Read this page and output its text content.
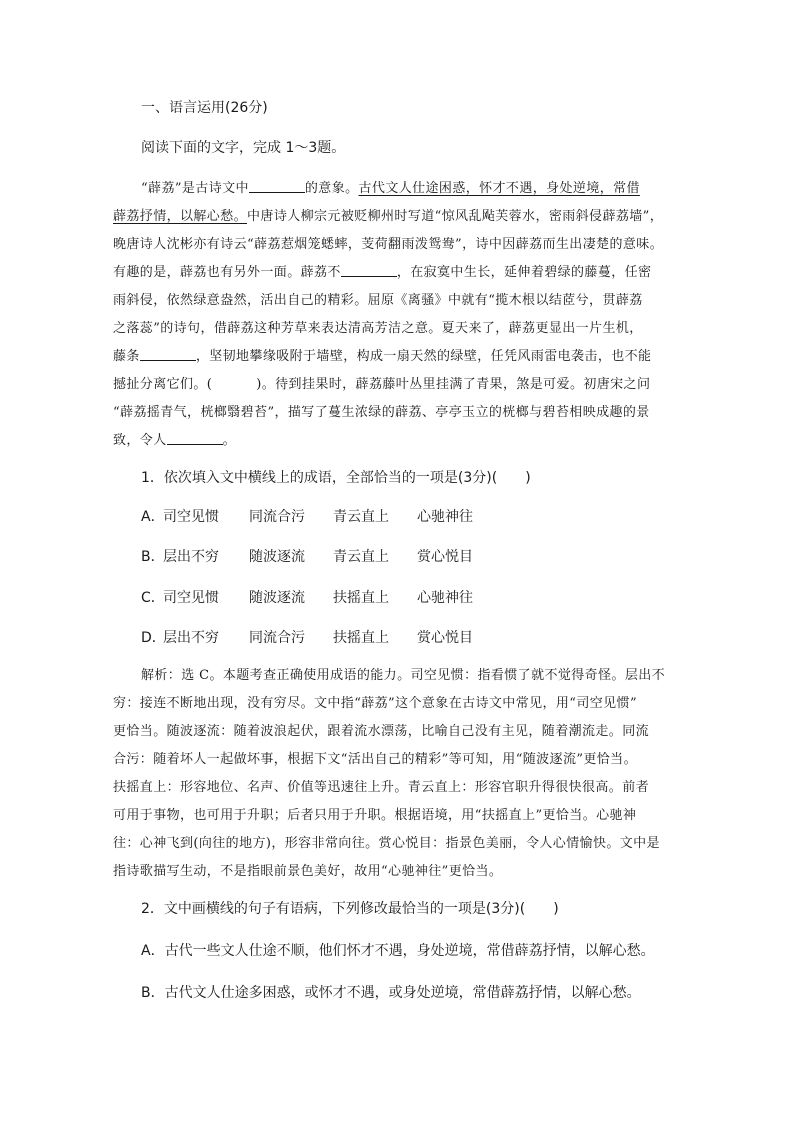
一、语言运用(26分)
阅读下面的文字，完成 1～3题。
“薜荔”是古诗文中	的意象。古代文人仕途困惑，怀才不遇，身处逆境，常借
薜荔抒情，以解心愁。中唐诗人柳宗元被贬柳州时写道“惊风乱飐芙蓉水，密雨斜侵薜荔墙”，
晚唐诗人沈彬亦有诗云“薜荔惹烟笼蟋蟀，芰荷翻雨泼鸳鸯”，诗中因薜荔而生出凄楚的意味。
有趣的是，薜荔也有另外一面。薜荔不	，在寂寞中生长，延伸着碧绿的藤蔓，任密
雨斜侵，依然绿意盎然，活出自己的精彩。屈原《离骚》中就有“揽木根以结茝兮，贯薜荔
之落蕊”的诗句，借薜荔这种芳草来表达清高芳洁之意。夏天来了，薜荔更显出一片生机，
藤条	，坚韧地攀缘吸附于墙壁，构成一扇天然的绿壁，任凭风雨雷电袭击，也不能
撼扯分离它们。(	)。待到挂果时，薜荔藤叶丛里挂满了青果，煞是可爱。初唐宋之问
“薜荔摇青气，桄榔翳碧苔”，描写了蔓生浓绿的薜荔、亭亭玉立的桄榔与碧苔相映成趣的景
致，令人	。
1．依次填入文中横线上的成语，全部恰当的一项是(3分)(　　)
A．
司空见惯 同流合污 青云直上 心驰神往
B．
层出不穷 随波逐流 青云直上 赏心悦目
C．
司空见惯 随波逐流 扶摇直上 心驰神往
D．
层出不穷 同流合污 扶摇直上 赏心悦目
解析：选 C。本题考查正确使用成语的能力。司空见惯：指看惯了就不觉得奇怪。层出不
穷：接连不断地出现，没有穷尽。文中指“薜荔”这个意象在古诗文中常见，用“司空见惯”
更恰当。随波逐流：随着波浪起伏，跟着流水漂荡，比喻自己没有主见，随着潮流走。同流
合污：随着坏人一起做坏事，根据下文“活出自己的精彩”等可知，用“随波逐流”更恰当。
扶摇直上：形容地位、名声、价值等迅速往上升。青云直上：形容官职升得很快很高。前者
可用于事物，也可用于升职；后者只用于升职。根据语境，用“扶摇直上”更恰当。心驰神
往：心神飞到(向往的地方)，形容非常向往。赏心悦目：指景色美丽，令人心情愉快。文中是
指诗歌描写生动，不是指眼前景色美好，故用“心驰神往”更恰当。
2．文中画横线的句子有语病，下列修改最恰当的一项是(3分)(　　)
A．古代一些文人仕途不顺，他们怀才不遇，身处逆境，常借薜荔抒情，以解心愁。
B．古代文人仕途多困惑，或怀才不遇，或身处逆境，常借薜荔抒情，以解心愁。
